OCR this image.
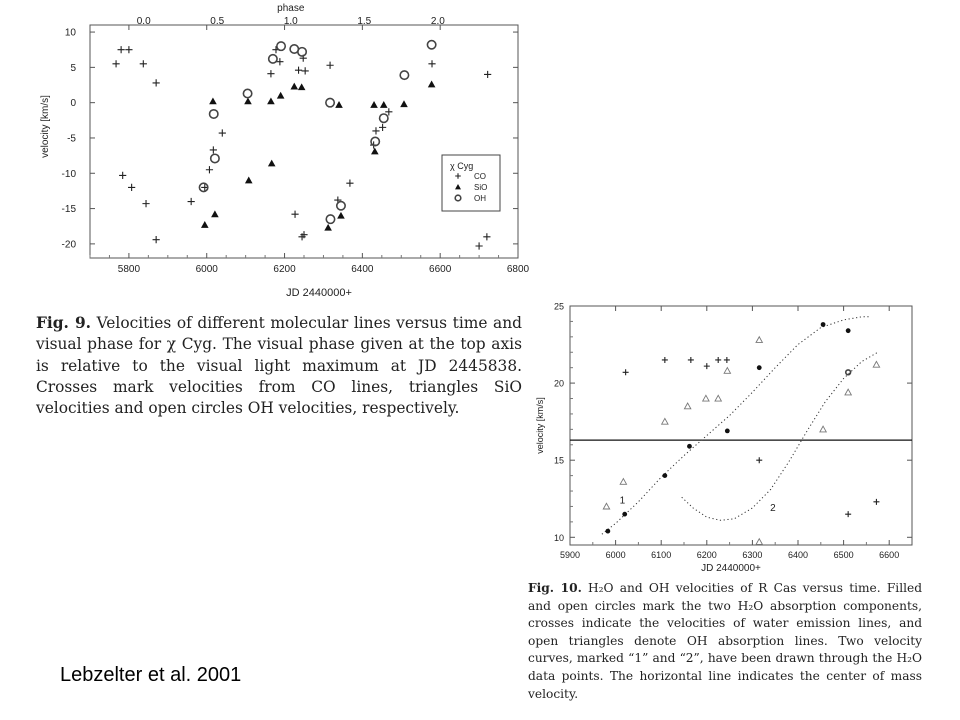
5800	6000	6200	6400	6600	6800
10
5
0
-5
-10
-15
-20
0.0	0.5	1.0	1.5	2.0
phase
JD 2440000+
velocity [km/s]
χ Cyg
CO
SiO
OH

Fig. 9. Velocities of different molecular lines versus time and visual phase for χ Cyg. The visual phase given at the top axis is relative to the visual light maximum at JD 2445838. Crosses mark velocities from CO lines, triangles SiO velocities and open circles OH velocities, respectively.

5900	6000	6100	6200	6300	6400	6500	6600
10
15
20
25
JD 2440000+
velocity [km/s]
1
2

Fig. 10. H₂O and OH velocities of R Cas versus time. Filled and open circles mark the two H₂O absorption components, crosses indicate the velocities of water emission lines, and open triangles denote OH absorption lines. Two velocity curves, marked “1” and “2”, have been drawn through the H₂O data points. The horizontal line indicates the center of mass velocity.

Lebzelter et al. 2001
